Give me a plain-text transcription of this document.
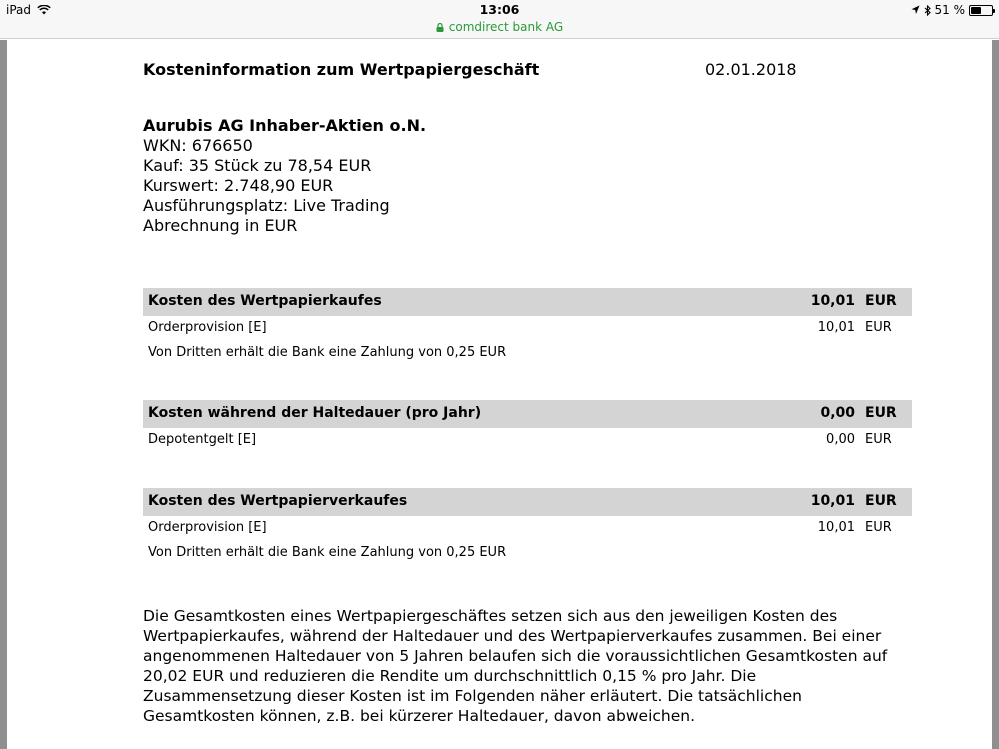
iPad	13:06	51 %
comdirect bank AG
Kosteninformation zum Wertpapiergeschäft	02.01.2018
Aurubis AG Inhaber-Aktien o.N.
WKN: 676650
Kauf: 35 Stück zu 78,54 EUR
Kurswert: 2.748,90 EUR
Ausführungsplatz: Live Trading
Abrechnung in EUR
Kosten des Wertpapierkaufes	10,01 EUR
Orderprovision [E]	10,01 EUR
Von Dritten erhält die Bank eine Zahlung von 0,25 EUR
Kosten während der Haltedauer (pro Jahr)	0,00 EUR
Depotentgelt [E]	0,00 EUR
Kosten des Wertpapierverkaufes	10,01 EUR
Orderprovision [E]	10,01 EUR
Von Dritten erhält die Bank eine Zahlung von 0,25 EUR
Die Gesamtkosten eines Wertpapiergeschäftes setzen sich aus den jeweiligen Kosten des
Wertpapierkaufes, während der Haltedauer und des Wertpapierverkaufes zusammen. Bei einer
angenommenen Haltedauer von 5 Jahren belaufen sich die voraussichtlichen Gesamtkosten auf
20,02 EUR und reduzieren die Rendite um durchschnittlich 0,15 % pro Jahr. Die
Zusammensetzung dieser Kosten ist im Folgenden näher erläutert. Die tatsächlichen
Gesamtkosten können, z.B. bei kürzerer Haltedauer, davon abweichen.
